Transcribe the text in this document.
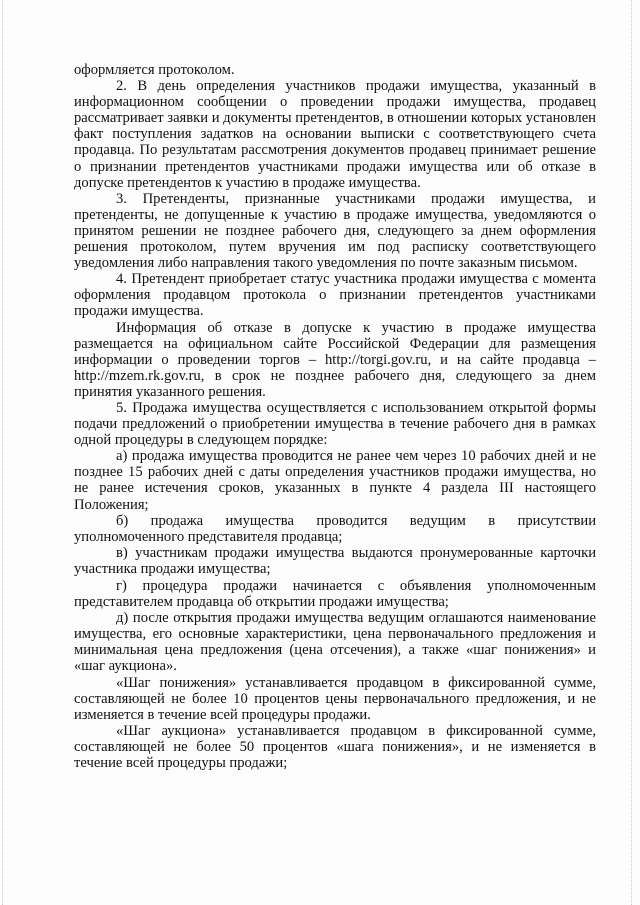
оформляется протоколом.

2. В день определения участников продажи имущества, указанный в информационном сообщении о проведении продажи имущества, продавец рассматривает заявки и документы претендентов, в отношении которых установлен факт поступления задатков на основании выписки с соответствующего счета продавца. По результатам рассмотрения документов продавец принимает решение о признании претендентов участниками продажи имущества или об отказе в допуске претендентов к участию в продаже имущества.

3. Претенденты, признанные участниками продажи имущества, и претенденты, не допущенные к участию в продаже имущества, уведомляются о принятом решении не позднее рабочего дня, следующего за днем оформления решения протоколом, путем вручения им под расписку соответствующего уведомления либо направления такого уведомления по почте заказным письмом.

4. Претендент приобретает статус участника продажи имущества с момента оформления продавцом протокола о признании претендентов участниками продажи имущества.

Информация об отказе в допуске к участию в продаже имущества размещается на официальном сайте Российской Федерации для размещения информации о проведении торгов – http://torgi.gov.ru, и на сайте продавца – http://mzem.rk.gov.ru, в срок не позднее рабочего дня, следующего за днем принятия указанного решения.

5. Продажа имущества осуществляется с использованием открытой формы подачи предложений о приобретении имущества в течение рабочего дня в рамках одной процедуры в следующем порядке:

а) продажа имущества проводится не ранее чем через 10 рабочих дней и не позднее 15 рабочих дней с даты определения участников продажи имущества, но не ранее истечения сроков, указанных в пункте 4 раздела III настоящего Положения;

б) продажа имущества проводится ведущим в присутствии уполномоченного представителя продавца;

в) участникам продажи имущества выдаются пронумерованные карточки участника продажи имущества;

г) процедура продажи начинается с объявления уполномоченным представителем продавца об открытии продажи имущества;

д) после открытия продажи имущества ведущим оглашаются наименование имущества, его основные характеристики, цена первоначального предложения и минимальная цена предложения (цена отсечения), а также «шаг понижения» и «шаг аукциона».

«Шаг понижения» устанавливается продавцом в фиксированной сумме, составляющей не более 10 процентов цены первоначального предложения, и не изменяется в течение всей процедуры продажи.

«Шаг аукциона» устанавливается продавцом в фиксированной сумме, составляющей не более 50 процентов «шага понижения», и не изменяется в течение всей процедуры продажи;
